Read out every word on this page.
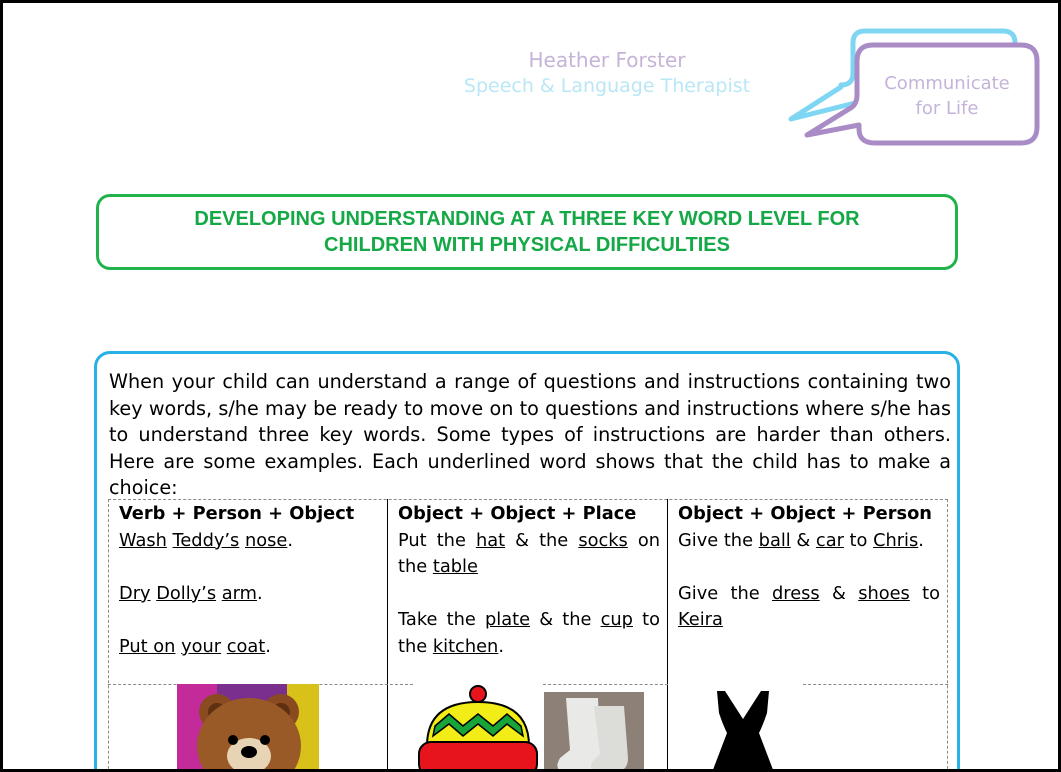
Heather Forster
Speech & Language Therapist	Communicate
for Life
DEVELOPING UNDERSTANDING AT A THREE KEY WORD LEVEL FOR
CHILDREN WITH PHYSICAL DIFFICULTIES

When your child can understand a range of questions and instructions containing two key words, s/he may be ready to move on to questions and instructions where s/he has to understand three key words. Some types of instructions are harder than others. Here are some examples. Each underlined word shows that the child has to make a choice:

Verb + Person + Object

Wash Teddy’s nose.

Dry Dolly’s arm.

Put on your coat.

Object + Object + Place

Put the hat & the socks on the table

Take the plate & the cup to the kitchen.

Object + Object + Person

Give the ball & car to Chris.

Give the dress & shoes to Keira
